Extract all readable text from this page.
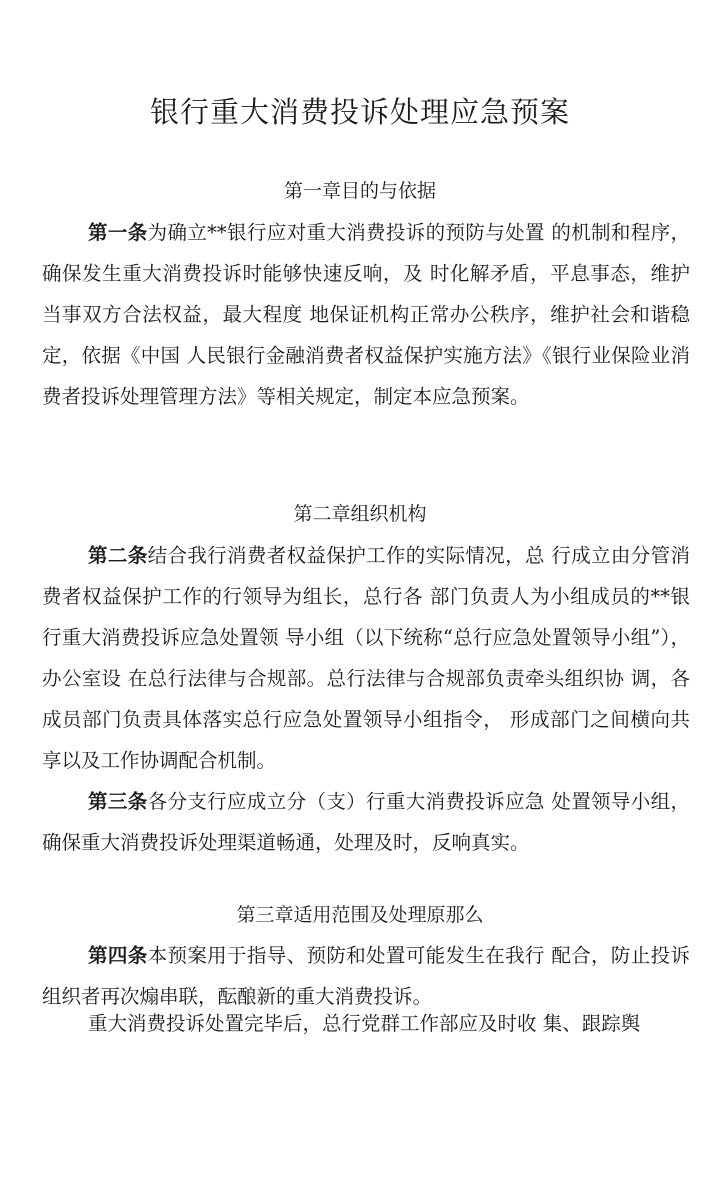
银行重大消费投诉处理应急预案
第一章目的与依据

第一条为确立**银行应对重大消费投诉的预防与处置 的机制和程序，确保发生重大消费投诉时能够快速反响，及 时化解矛盾，平息事态，维护当事双方合法权益，最大程度 地保证机构正常办公秩序，维护社会和谐稳定，依据《中国 人民银行金融消费者权益保护实施方法》《银行业保险业消 费者投诉处理管理方法》等相关规定，制定本应急预案。

第二章组织机构

第二条结合我行消费者权益保护工作的实际情况，总 行成立由分管消费者权益保护工作的行领导为组长，总行各 部门负责人为小组成员的**银行重大消费投诉应急处置领 导小组（以下统称“总行应急处置领导小组”），办公室设 在总行法律与合规部。总行法律与合规部负责牵头组织协 调，各成员部门负责具体落实总行应急处置领导小组指令， 形成部门之间横向共享以及工作协调配合机制。

第三条各分支行应成立分（支）行重大消费投诉应急 处置领导小组，确保重大消费投诉处理渠道畅通，处理及时，反响真实。

第三章适用范围及处理原那么

第四条本预案用于指导、预防和处置可能发生在我行 配合，防止投诉组织者再次煽串联，酝酿新的重大消费投诉。

重大消费投诉处置完毕后，总行党群工作部应及时收 集、跟踪舆
